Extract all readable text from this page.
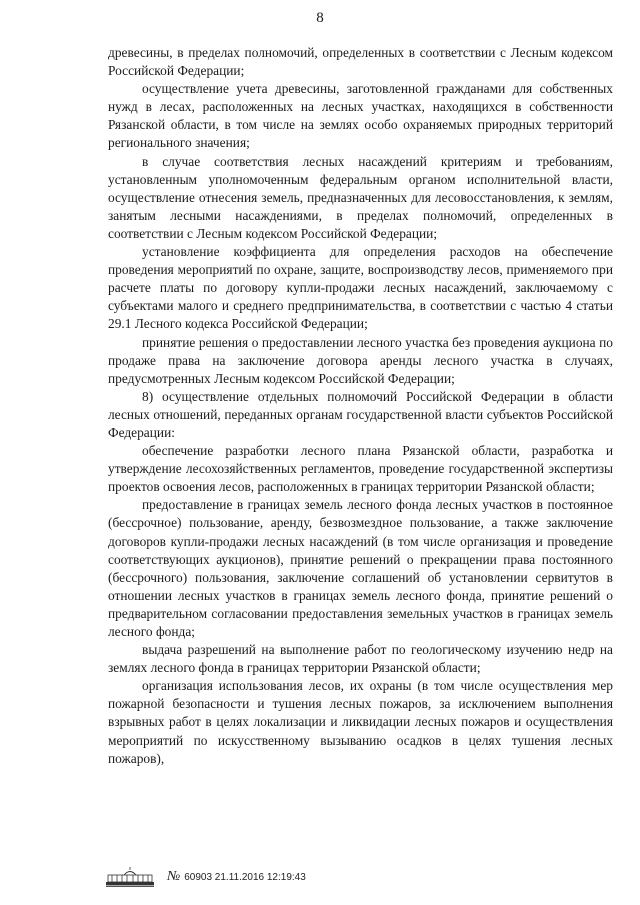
8

древесины, в пределах полномочий, определенных в соответствии с Лесным кодексом Российской Федерации;

осуществление учета древесины, заготовленной гражданами для собственных нужд в лесах, расположенных на лесных участках, находящихся в собственности Рязанской области, в том числе на землях особо охраняемых природных территорий регионального значения;

в случае соответствия лесных насаждений критериям и требованиям, установленным уполномоченным федеральным органом исполнительной власти, осуществление отнесения земель, предназначенных для лесовосстановления, к землям, занятым лесными насаждениями, в пределах полномочий, определенных в соответствии с Лесным кодексом Российской Федерации;

установление коэффициента для определения расходов на обеспечение проведения мероприятий по охране, защите, воспроизводству лесов, применяемого при расчете платы по договору купли-продажи лесных насаждений, заключаемому с субъектами малого и среднего предпринимательства, в соответствии с частью 4 статьи 29.1 Лесного кодекса Российской Федерации;

принятие решения о предоставлении лесного участка без проведения аукциона по продаже права на заключение договора аренды лесного участка в случаях, предусмотренных Лесным кодексом Российской Федерации;

8) осуществление отдельных полномочий Российской Федерации в области лесных отношений, переданных органам государственной власти субъектов Российской Федерации:

обеспечение разработки лесного плана Рязанской области, разработка и утверждение лесохозяйственных регламентов, проведение государственной экспертизы проектов освоения лесов, расположенных в границах территории Рязанской области;

предоставление в границах земель лесного фонда лесных участков в постоянное (бессрочное) пользование, аренду, безвозмездное пользование, а также заключение договоров купли-продажи лесных насаждений (в том числе организация и проведение соответствующих аукционов), принятие решений о прекращении права постоянного (бессрочного) пользования, заключение соглашений об установлении сервитутов в отношении лесных участков в границах земель лесного фонда, принятие решений о предварительном согласовании предоставления земельных участков в границах земель лесного фонда;

выдача разрешений на выполнение работ по геологическому изучению недр на землях лесного фонда в границах территории Рязанской области;

организация использования лесов, их охраны (в том числе осуществления мер пожарной безопасности и тушения лесных пожаров, за исключением выполнения взрывных работ в целях локализации и ликвидации лесных пожаров и осуществления мероприятий по искусственному вызыванию осадков в целях тушения лесных пожаров),

№ 60903 21.11.2016 12:19:43
